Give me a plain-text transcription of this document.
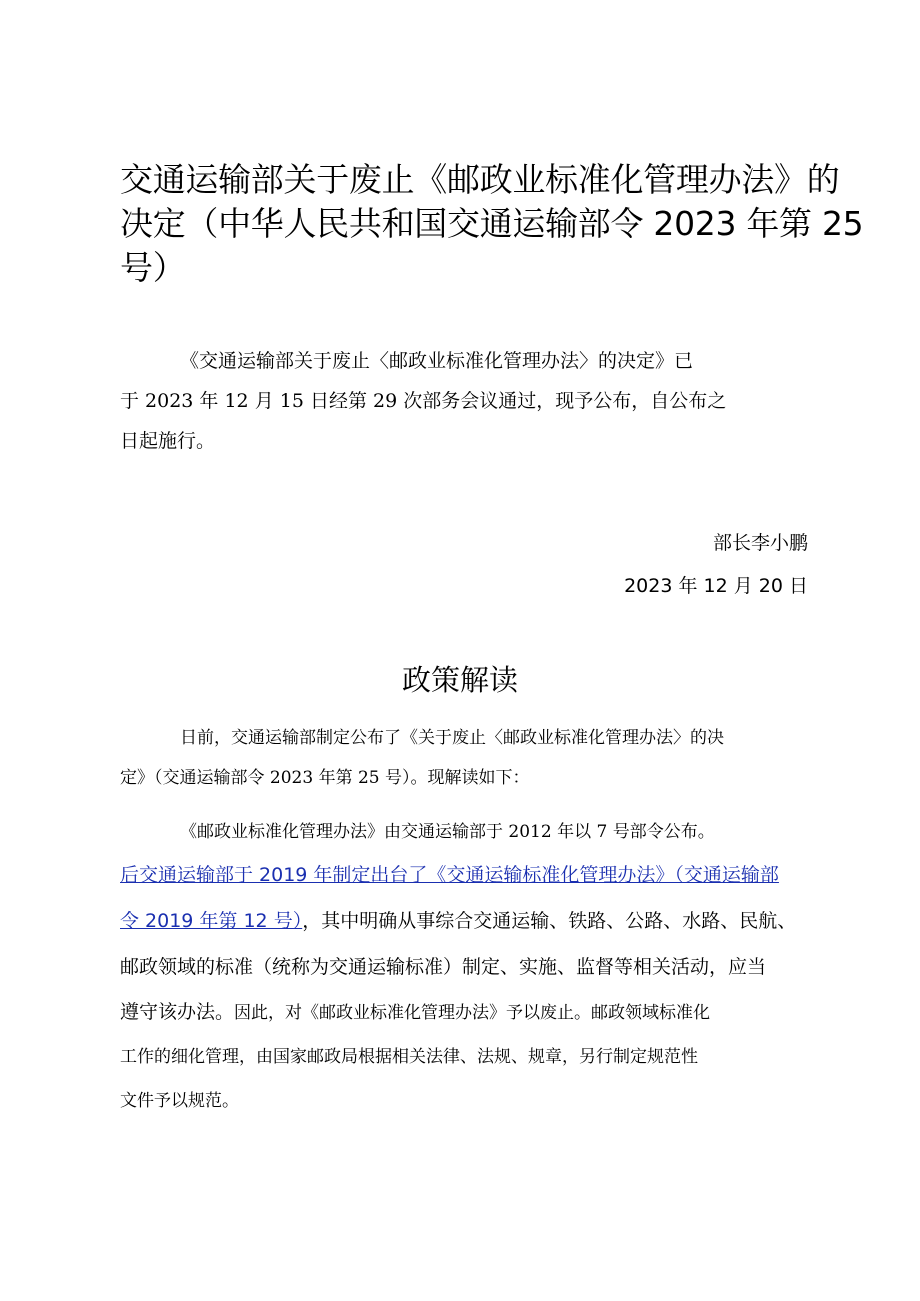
交通运输部关于废止《邮政业标准化管理办法》的
决定（中华人民共和国交通运输部令 2023 年第 25
号）
《交通运输部关于废止〈邮政业标准化管理办法〉的决定》已
于 2023 年 12 月 15 日经第 29 次部务会议通过，现予公布，自公布之
日起施行。
部长李小鹏
2023 年 12 月 20 日
政策解读
日前，交通运输部制定公布了《关于废止〈邮政业标准化管理办法〉的决
定》（交通运输部令 2023 年第 25 号）。现解读如下：
《邮政业标准化管理办法》由交通运输部于 2012 年以 7 号部令公布。
后交通运输部于 2019 年制定出台了《交通运输标准化管理办法》（交通运输部
令 2019 年第 12 号），其中明确从事综合交通运输、铁路、公路、水路、民航、
邮政领域的标准（统称为交通运输标准）制定、实施、监督等相关活动，应当
遵守该办法。因此，对《邮政业标准化管理办法》予以废止。邮政领域标准化
工作的细化管理，由国家邮政局根据相关法律、法规、规章，另行制定规范性
文件予以规范。
